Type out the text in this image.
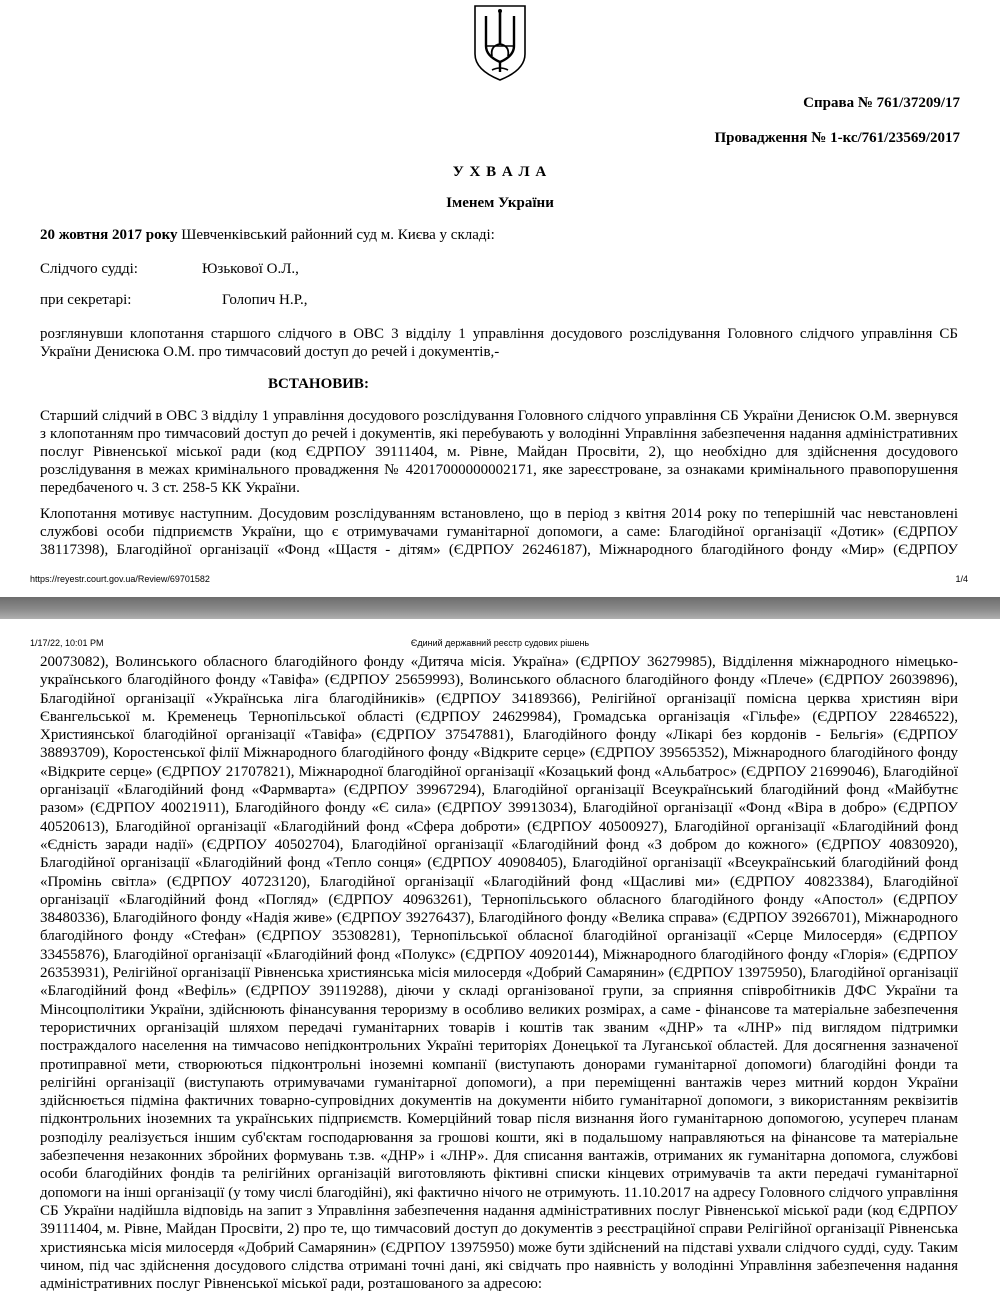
Справа № 761/37209/17
Провадження № 1-кс/761/23569/2017
У Х В А Л А
Іменем України
20 жовтня 2017 року Шевченківський районний суд м. Києва у складі:
Слідчого судді:	Юзькової О.Л.,
при секретарі:	Голопич Н.Р.,

розглянувши клопотання старшого слідчого в ОВС 3 відділу 1 управління досудового розслідування Головного слідчого управління СБ України Денисюка О.М. про тимчасовий доступ до речей і документів,-

ВСТАНОВИВ:

Старший слідчий в ОВС 3 відділу 1 управління досудового розслідування Головного слідчого управління СБ України Денисюк О.М. звернувся з клопотанням про тимчасовий доступ до речей і документів, які перебувають у володінні Управління забезпечення надання адміністративних послуг Рівненської міської ради (код ЄДРПОУ 39111404, м. Рівне, Майдан Просвіти, 2), що необхідно для здійснення досудового розслідування в межах кримінального провадження № 42017000000002171, яке зареєстроване, за ознаками кримінального правопорушення передбаченого ч. 3 ст. 258-5 КК України.

Клопотання мотивує наступним. Досудовим розслідуванням встановлено, що в період з квітня 2014 року по теперішній час невстановлені

службові особи підприємств України, що є отримувачами гуманітарної допомоги, а саме: Благодійної організації «Дотик» (ЄДРПОУ

38117398), Благодійної організації «Фонд «Щастя - дітям» (ЄДРПОУ 26246187), Міжнародного благодійного фонду «Мир» (ЄДРПОУ

https://reyestr.court.gov.ua/Review/69701582	1/4
1/17/22, 10:01 PM	Єдиний державний реєстр судових рішень

20073082), Волинського обласного благодійного фонду «Дитяча місія. Україна» (ЄДРПОУ 36279985), Відділення міжнародного німецько-українського благодійного фонду «Тавіфа» (ЄДРПОУ 25659993), Волинського обласного благодійного фонду «Плече» (ЄДРПОУ 26039896), Благодійної організації «Українська ліга благодійників» (ЄДРПОУ 34189366), Релігійної організації помісна церква християн віри Євангельської м. Кременець Тернопільської області (ЄДРПОУ 24629984), Громадська організація «Гільфе» (ЄДРПОУ 22846522), Християнської благодійної організації «Тавіфа» (ЄДРПОУ 37547881), Благодійного фонду «Лікарі без кордонів - Бельгія» (ЄДРПОУ 38893709), Коростенської філії Міжнародного благодійного фонду «Відкрите серце» (ЄДРПОУ 39565352), Міжнародного благодійного фонду «Відкрите серце» (ЄДРПОУ 21707821), Міжнародної благодійної організації «Козацький фонд «Альбатрос» (ЄДРПОУ 21699046), Благодійної організації «Благодійний фонд «Фармварта» (ЄДРПОУ 39967294), Благодійної організації Всеукраїнський благодійний фонд «Майбутнє разом» (ЄДРПОУ 40021911), Благодійного фонду «Є сила» (ЄДРПОУ 39913034), Благодійної організації «Фонд «Віра в добро» (ЄДРПОУ 40520613), Благодійної організації «Благодійний фонд «Сфера доброти» (ЄДРПОУ 40500927), Благодійної організації «Благодійний фонд «Єдність заради надії» (ЄДРПОУ 40502704), Благодійної організації «Благодійний фонд «З добром до кожного» (ЄДРПОУ 40830920), Благодійної організації «Благодійний фонд «Тепло сонця» (ЄДРПОУ 40908405), Благодійної організації «Всеукраїнський благодійний фонд «Промінь світла» (ЄДРПОУ 40723120), Благодійної організації «Благодійний фонд «Щасливі ми» (ЄДРПОУ 40823384), Благодійної організації «Благодійний фонд «Погляд» (ЄДРПОУ 40963261), Тернопільського обласного благодійного фонду «Апостол» (ЄДРПОУ 38480336), Благодійного фонду «Надія живе» (ЄДРПОУ 39276437), Благодійного фонду «Велика справа» (ЄДРПОУ 39266701), Міжнародного благодійного фонду «Стефан» (ЄДРПОУ 35308281), Тернопільської обласної благодійної організації «Серце Милосердя» (ЄДРПОУ 33455876), Благодійної організації «Благодійний фонд «Полукс» (ЄДРПОУ 40920144), Міжнародного благодійного фонду «Глорія» (ЄДРПОУ 26353931), Релігійної організації Рівненська християнська місія милосердя «Добрий Самарянин» (ЄДРПОУ 13975950), Благодійної організації «Благодійний фонд «Вефіль» (ЄДРПОУ 39119288), діючи у складі організованої групи, за сприяння співробітників ДФС України та Мінсоцполітики України, здійснюють фінансування тероризму в особливо великих розмірах, а саме - фінансове та матеріальне забезпечення терористичних організацій шляхом передачі гуманітарних товарів і коштів так званим «ДНР» та «ЛНР» під виглядом підтримки постраждалого населення на тимчасово непідконтрольних Україні територіях Донецької та Луганської областей. Для досягнення зазначеної протиправної мети, створюються підконтрольні іноземні компанії (виступають донорами гуманітарної допомоги) благодійні фонди та релігійні організації (виступають отримувачами гуманітарної допомоги), а при переміщенні вантажів через митний кордон України здійснюється підміна фактичних товарно-супровідних документів на документи нібито гуманітарної допомоги, з використанням реквізитів підконтрольних іноземних та українських підприємств. Комерційний товар після визнання його гуманітарною допомогою, усупереч планам розподілу реалізується іншим суб'єктам господарювання за грошові кошти, які в подальшому направляються на фінансове та матеріальне забезпечення незаконних збройних формувань т.зв. «ДНР» і «ЛНР». Для списання вантажів, отриманих як гуманітарна допомога, службові особи благодійних фондів та релігійних організацій виготовляють фіктивні списки кінцевих отримувачів та акти передачі гуманітарної допомоги на інші організації (у тому числі благодійні), які фактично нічого не отримують. 11.10.2017 на адресу Головного слідчого управління СБ України надійшла відповідь на запит з Управління забезпечення надання адміністративних послуг Рівненської міської ради (код ЄДРПОУ 39111404, м. Рівне, Майдан Просвіти, 2) про те, що тимчасовий доступ до документів з реєстраційної справи Релігійної організації Рівненська християнська місія милосердя «Добрий Самарянин» (ЄДРПОУ 13975950) може бути здійснений на підставі ухвали слідчого судді, суду. Таким чином, під час здійснення досудового слідства отримані точні дані, які свідчать про наявність у володінні Управління забезпечення надання адміністративних послуг Рівненської міської ради, розташованого за адресою:
